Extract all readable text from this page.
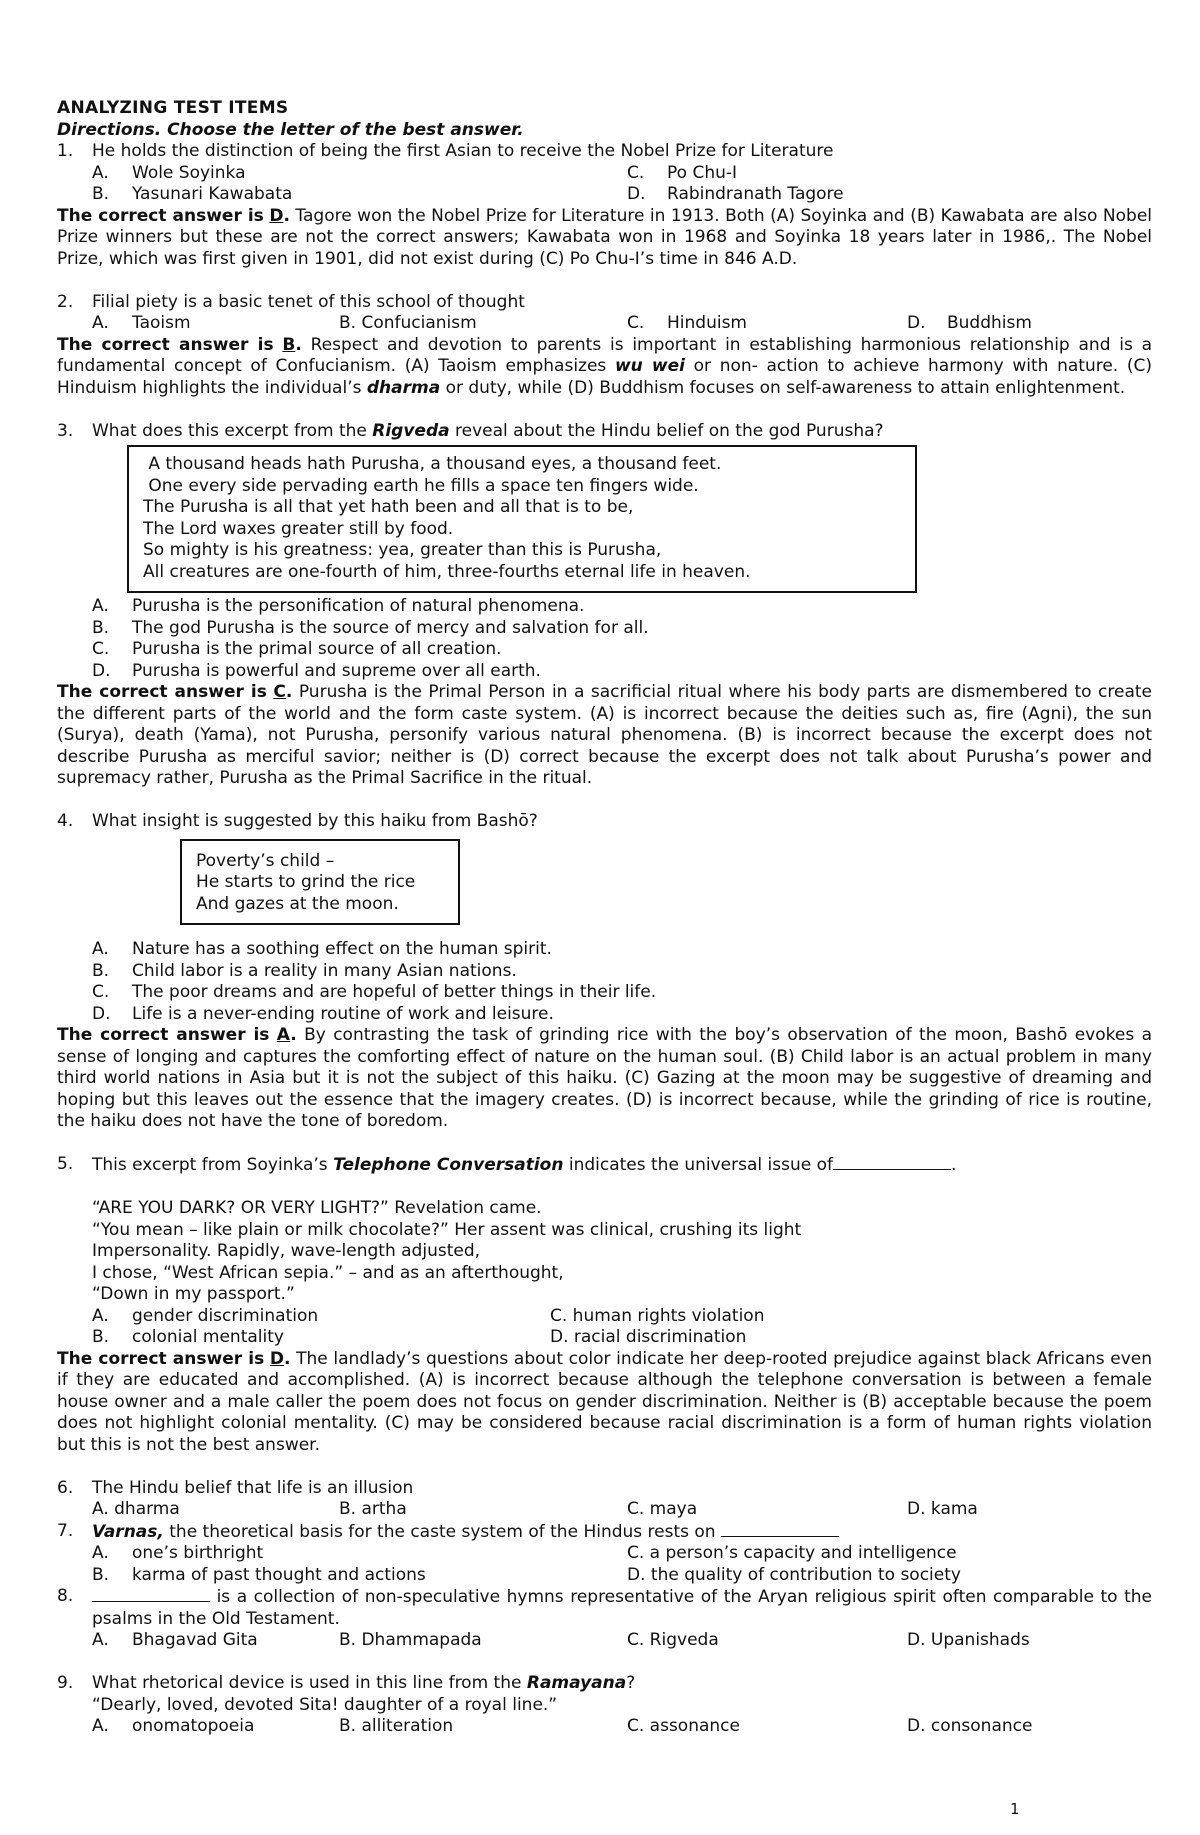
ANALYZING TEST ITEMS
Directions. Choose the letter of the best answer.
1.	He holds the distinction of being the first Asian to receive the Nobel Prize for Literature
A.	Wole Soyinka	C.	Po Chu-I
B.	Yasunari Kawabata	D.	Rabindranath Tagore
The correct answer is D. Tagore won the Nobel Prize for Literature in 1913. Both (A) Soyinka and (B) Kawabata are also Nobel Prize winners but these are not the correct answers; Kawabata won in 1968 and Soyinka 18 years later in 1986,. The Nobel Prize, which was first given in 1901, did not exist during (C) Po Chu-I’s time in 846 A.D.
2.	Filial piety is a basic tenet of this school of thought
A.	Taoism	B. Confucianism	C.	Hinduism	D.	Buddhism
The correct answer is B. Respect and devotion to parents is important in establishing harmonious relationship and is a fundamental concept of Confucianism. (A) Taoism emphasizes wu wei or non- action to achieve harmony with nature. (C) Hinduism highlights the individual’s dharma or duty, while (D) Buddhism focuses on self-awareness to attain enlightenment.
3.	What does this excerpt from the Rigveda reveal about the Hindu belief on the god Purusha?
A thousand heads hath Purusha, a thousand eyes, a thousand feet.
One every side pervading earth he fills a space ten fingers wide.
The Purusha is all that yet hath been and all that is to be,
The Lord waxes greater still by food.
So mighty is his greatness: yea, greater than this is Purusha,
All creatures are one-fourth of him, three-fourths eternal life in heaven.
A.	Purusha is the personification of natural phenomena.
B.	The god Purusha is the source of mercy and salvation for all.
C.	Purusha is the primal source of all creation.
D.	Purusha is powerful and supreme over all earth.
The correct answer is C. Purusha is the Primal Person in a sacrificial ritual where his body parts are dismembered to create the different parts of the world and the form caste system. (A) is incorrect because the deities such as, fire (Agni), the sun (Surya), death (Yama), not Purusha, personify various natural phenomena. (B) is incorrect because the excerpt does not describe Purusha as merciful savior; neither is (D) correct because the excerpt does not talk about Purusha’s power and supremacy rather, Purusha as the Primal Sacrifice in the ritual.
4.	What insight is suggested by this haiku from Bashō?
Poverty’s child –
He starts to grind the rice
And gazes at the moon.
A.	Nature has a soothing effect on the human spirit.
B.	Child labor is a reality in many Asian nations.
C.	The poor dreams and are hopeful of better things in their life.
D.	Life is a never-ending routine of work and leisure.
The correct answer is A. By contrasting the task of grinding rice with the boy’s observation of the moon, Bashō evokes a sense of longing and captures the comforting effect of nature on the human soul. (B) Child labor is an actual problem in many third world nations in Asia but it is not the subject of this haiku. (C) Gazing at the moon may be suggestive of dreaming and hoping but this leaves out the essence that the imagery creates. (D) is incorrect because, while the grinding of rice is routine, the haiku does not have the tone of boredom.
5.	This excerpt from Soyinka’s Telephone Conversation indicates the universal issue of	.
“ARE YOU DARK? OR VERY LIGHT?” Revelation came.
“You mean – like plain or milk chocolate?” Her assent was clinical, crushing its light
Impersonality. Rapidly, wave-length adjusted,
I chose, “West African sepia.” – and as an afterthought,
“Down in my passport.”
A.	gender discrimination	C. human rights violation
B.	colonial mentality	D. racial discrimination
The correct answer is D. The landlady’s questions about color indicate her deep-rooted prejudice against black Africans even if they are educated and accomplished. (A) is incorrect because although the telephone conversation is between a female house owner and a male caller the poem does not focus on gender discrimination. Neither is (B) acceptable because the poem does not highlight colonial mentality. (C) may be considered because racial discrimination is a form of human rights violation but this is not the best answer.
6.	The Hindu belief that life is an illusion
A. dharma	B. artha	C. maya	D. kama
7.	Varnas, the theoretical basis for the caste system of the Hindus rests on
A.	one’s birthright	C. a person’s capacity and intelligence
B.	karma of past thought and actions	D. the quality of contribution to society
8.	is a collection of non-speculative hymns representative of the Aryan religious spirit often comparable to the psalms in the Old Testament.
A.	Bhagavad Gita	B. Dhammapada	C. Rigveda	D. Upanishads
9.	What rhetorical device is used in this line from the Ramayana?
“Dearly, loved, devoted Sita! daughter of a royal line.”
A.	onomatopoeia	B. alliteration	C. assonance	D. consonance
1
